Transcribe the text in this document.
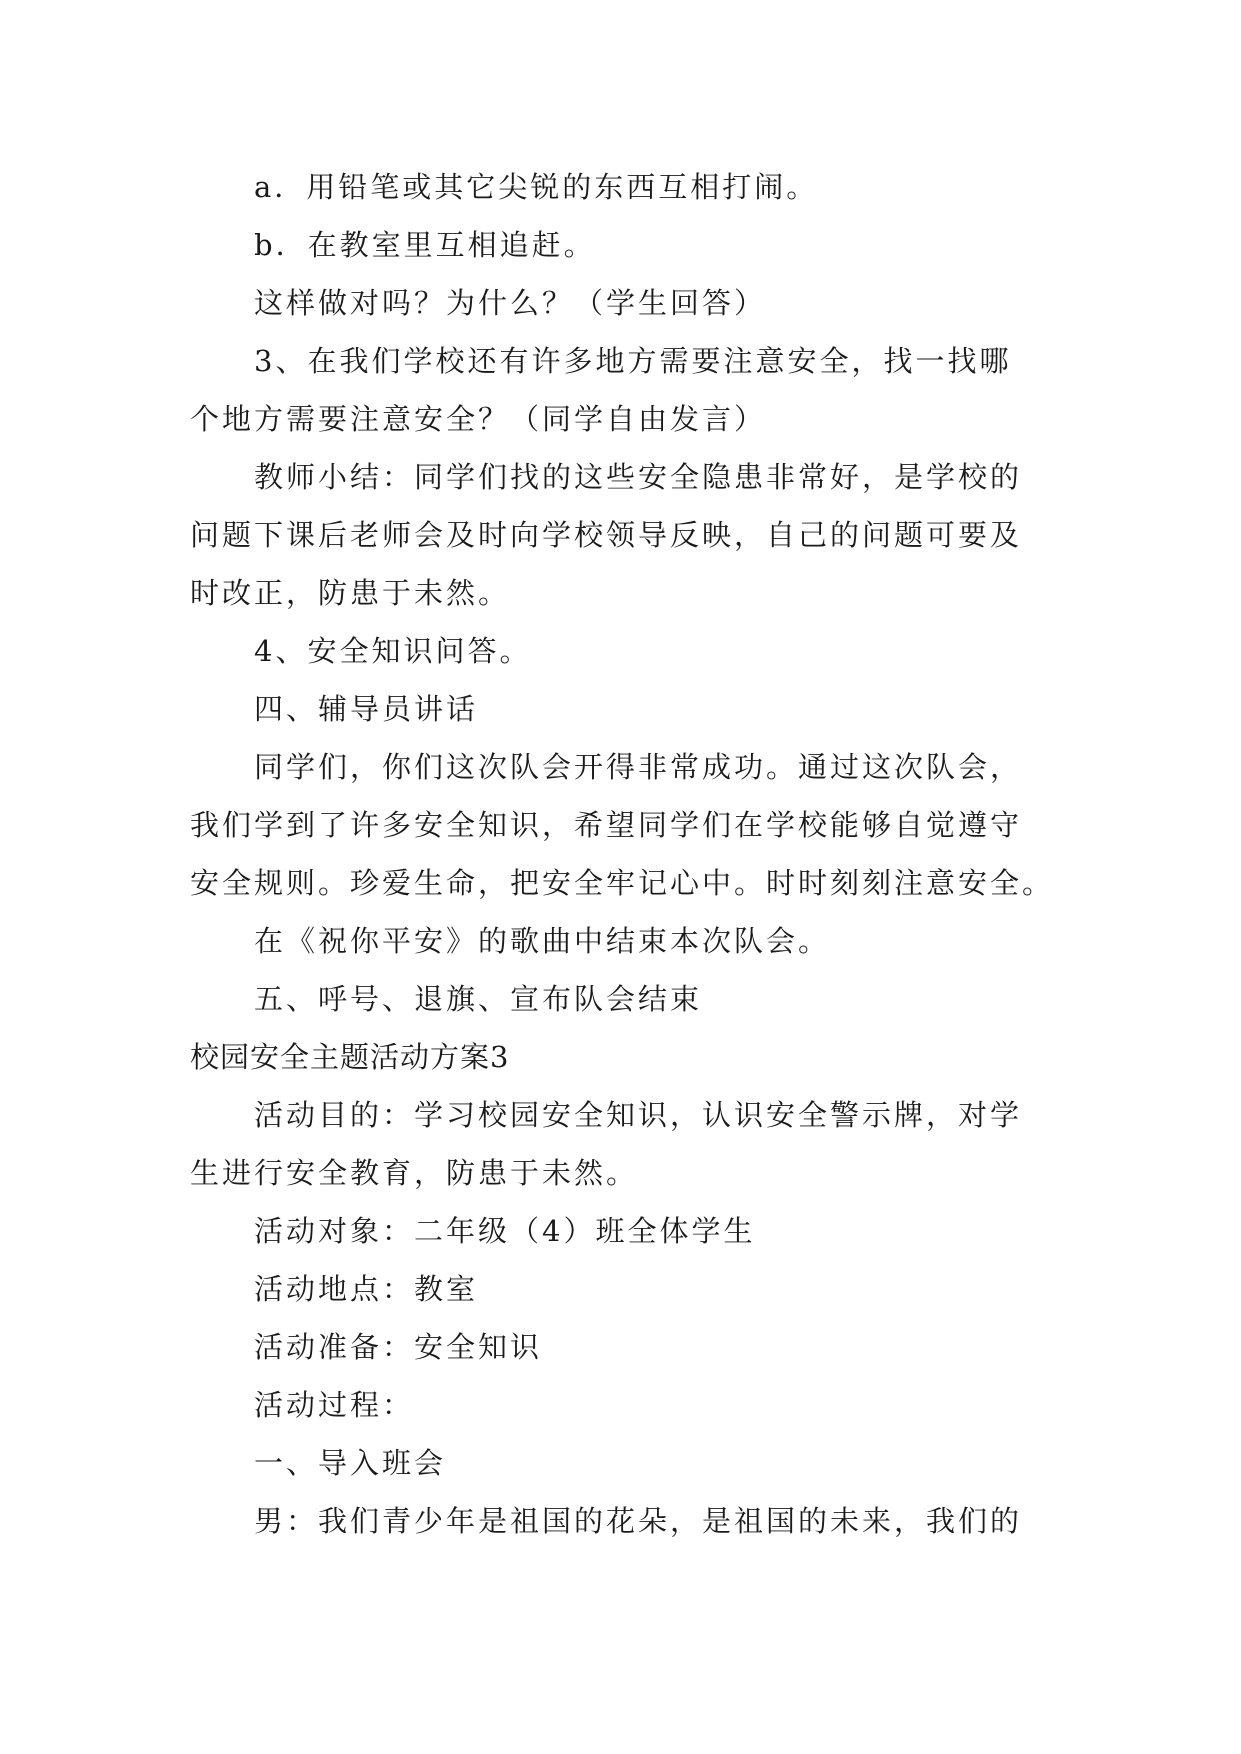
a．用铅笔或其它尖锐的东西互相打闹。
b．在教室里互相追赶。
这样做对吗？为什么？（学生回答）
3、在我们学校还有许多地方需要注意安全，找一找哪
个地方需要注意安全？（同学自由发言）
教师小结：同学们找的这些安全隐患非常好，是学校的
问题下课后老师会及时向学校领导反映，自己的问题可要及
时改正，防患于未然。
4、安全知识问答。
四、辅导员讲话
同学们，你们这次队会开得非常成功。通过这次队会，
我们学到了许多安全知识，希望同学们在学校能够自觉遵守
安全规则。珍爱生命，把安全牢记心中。时时刻刻注意安全。
在《祝你平安》的歌曲中结束本次队会。
五、呼号、退旗、宣布队会结束
校园安全主题活动方案3
活动目的：学习校园安全知识，认识安全警示牌，对学
生进行安全教育，防患于未然。
活动对象：二年级（4）班全体学生
活动地点：教室
活动准备：安全知识
活动过程：
一、导入班会
男：我们青少年是祖国的花朵，是祖国的未来，我们的
